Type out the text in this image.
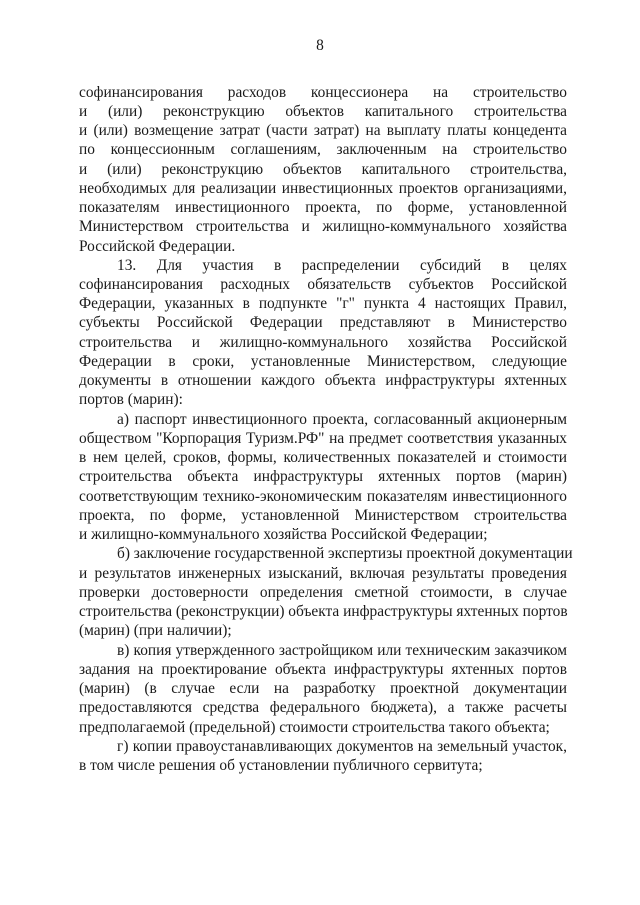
8
софинансирования расходов концессионера на строительство
и (или) реконструкцию объектов капитального строительства
и (или) возмещение затрат (части затрат) на выплату платы концедента
по концессионным соглашениям, заключенным на строительство
и (или) реконструкцию объектов капитального строительства,
необходимых для реализации инвестиционных проектов организациями,
показателям инвестиционного проекта, по форме, установленной
Министерством строительства и жилищно-коммунального хозяйства
Российской Федерации.
13. Для участия в распределении субсидий в целях
софинансирования расходных обязательств субъектов Российской
Федерации, указанных в подпункте "г" пункта 4 настоящих Правил,
субъекты Российской Федерации представляют в Министерство
строительства и жилищно-коммунального хозяйства Российской
Федерации в сроки, установленные Министерством, следующие
документы в отношении каждого объекта инфраструктуры яхтенных
портов (марин):
а) паспорт инвестиционного проекта, согласованный акционерным
обществом "Корпорация Туризм.РФ" на предмет соответствия указанных
в нем целей, сроков, формы, количественных показателей и стоимости
строительства объекта инфраструктуры яхтенных портов (марин)
соответствующим технико-экономическим показателям инвестиционного
проекта, по форме, установленной Министерством строительства
и жилищно-коммунального хозяйства Российской Федерации;
б) заключение государственной экспертизы проектной документации
и результатов инженерных изысканий, включая результаты проведения
проверки достоверности определения сметной стоимости, в случае
строительства (реконструкции) объекта инфраструктуры яхтенных портов
(марин) (при наличии);
в) копия утвержденного застройщиком или техническим заказчиком
задания на проектирование объекта инфраструктуры яхтенных портов
(марин) (в случае если на разработку проектной документации
предоставляются средства федерального бюджета), а также расчеты
предполагаемой (предельной) стоимости строительства такого объекта;
г) копии правоустанавливающих документов на земельный участок,
в том числе решения об установлении публичного сервитута;
